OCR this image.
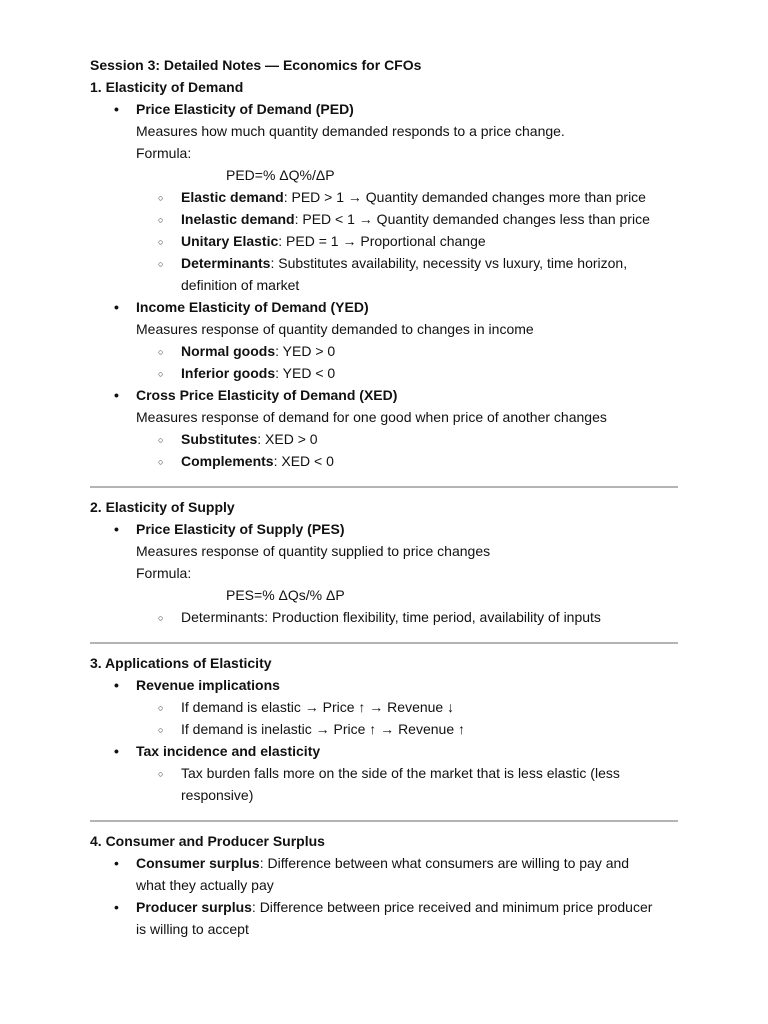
Session 3: Detailed Notes — Economics for CFOs

1. Elasticity of Demand

• Price Elasticity of Demand (PED)

Measures how much quantity demanded responds to a price change.

Formula:

PED=% ΔQ%/ΔP

○ Elastic demand: PED > 1 → Quantity demanded changes more than price

○ Inelastic demand: PED < 1 → Quantity demanded changes less than price

○ Unitary Elastic: PED = 1 → Proportional change

○ Determinants: Substitutes availability, necessity vs luxury, time horizon,
definition of market

• Income Elasticity of Demand (YED)

Measures response of quantity demanded to changes in income

○ Normal goods: YED > 0

○ Inferior goods: YED < 0

• Cross Price Elasticity of Demand (XED)

Measures response of demand for one good when price of another changes

○ Substitutes: XED > 0

○ Complements: XED < 0

2. Elasticity of Supply

• Price Elasticity of Supply (PES)

Measures response of quantity supplied to price changes

Formula:

PES=% ΔQs/% ΔP

○ Determinants: Production flexibility, time period, availability of inputs

3. Applications of Elasticity

• Revenue implications

○ If demand is elastic → Price ↑ → Revenue ↓

○ If demand is inelastic → Price ↑ → Revenue ↑

• Tax incidence and elasticity

○ Tax burden falls more on the side of the market that is less elastic (less
responsive)

4. Consumer and Producer Surplus

• Consumer surplus: Difference between what consumers are willing to pay and
what they actually pay

• Producer surplus: Difference between price received and minimum price producer
is willing to accept
